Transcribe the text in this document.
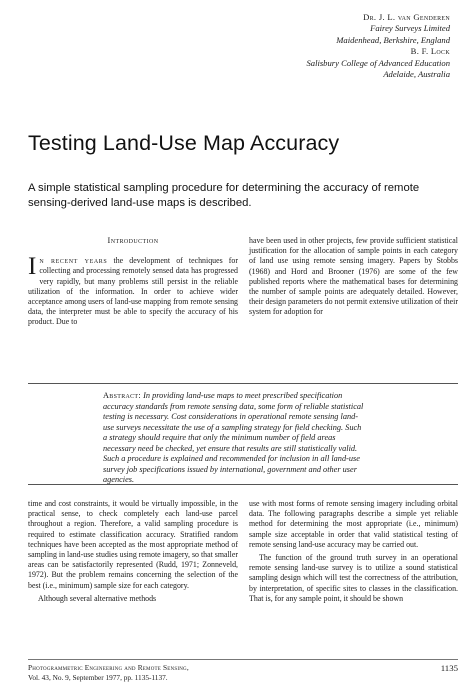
Dr. J. L. van Genderen
Fairey Surveys Limited
Maidenhead, Berkshire, England
B. F. Lock
Salisbury College of Advanced Education
Adelaide, Australia
Testing Land-Use Map Accuracy
A simple statistical sampling procedure for determining the accuracy of remote sensing-derived land-use maps is described.
Introduction

In recent years the development of techniques for collecting and processing remotely sensed data has progressed very rapidly, but many problems still persist in the reliable utilization of the information. In order to achieve wider acceptance among users of land-use mapping from remote sensing data, the interpreter must be able to specify the accuracy of his product. Due to

have been used in other projects, few provide sufficient statistical justification for the allocation of sample points in each category of land use using remote sensing imagery. Papers by Stobbs (1968) and Hord and Brooner (1976) are some of the few published reports where the mathematical bases for determining the number of sample points are adequately detailed. However, their design parameters do not permit extensive utilization of their system for adoption for

Abstract: In providing land-use maps to meet prescribed specification accuracy standards from remote sensing data, some form of reliable statistical testing is necessary. Cost considerations in operational remote sensing land-use surveys necessitate the use of a sampling strategy for field checking. Such a strategy should require that only the minimum number of field areas necessary need be checked, yet ensure that results are still statistically valid. Such a procedure is explained and recommended for inclusion in all land-use survey job specifications issued by international, government and other user agencies.

time and cost constraints, it would be virtually impossible, in the practical sense, to check completely each land-use parcel throughout a region. Therefore, a valid sampling procedure is required to estimate classification accuracy. Stratified random techniques have been accepted as the most appropriate method of sampling in land-use studies using remote imagery, so that smaller areas can be satisfactorily represented (Rudd, 1971; Zonneveld, 1972). But the problem remains concerning the selection of the best (i.e., minimum) sample size for each category.

Although several alternative methods

use with most forms of remote sensing imagery including orbital data. The following paragraphs describe a simple yet reliable method for determining the most appropriate (i.e., minimum) sample size acceptable in order that valid statistical testing of remote sensing land-use accuracy may be carried out.

The function of the ground truth survey in an operational remote sensing land-use survey is to utilize a sound statistical sampling design which will test the correctness of the attribution, by interpretation, of specific sites to classes in the classification. That is, for any sample point, it should be shown

Photogrammetric Engineering and Remote Sensing,
Vol. 43, No. 9, September 1977, pp. 1135-1137.
1135
